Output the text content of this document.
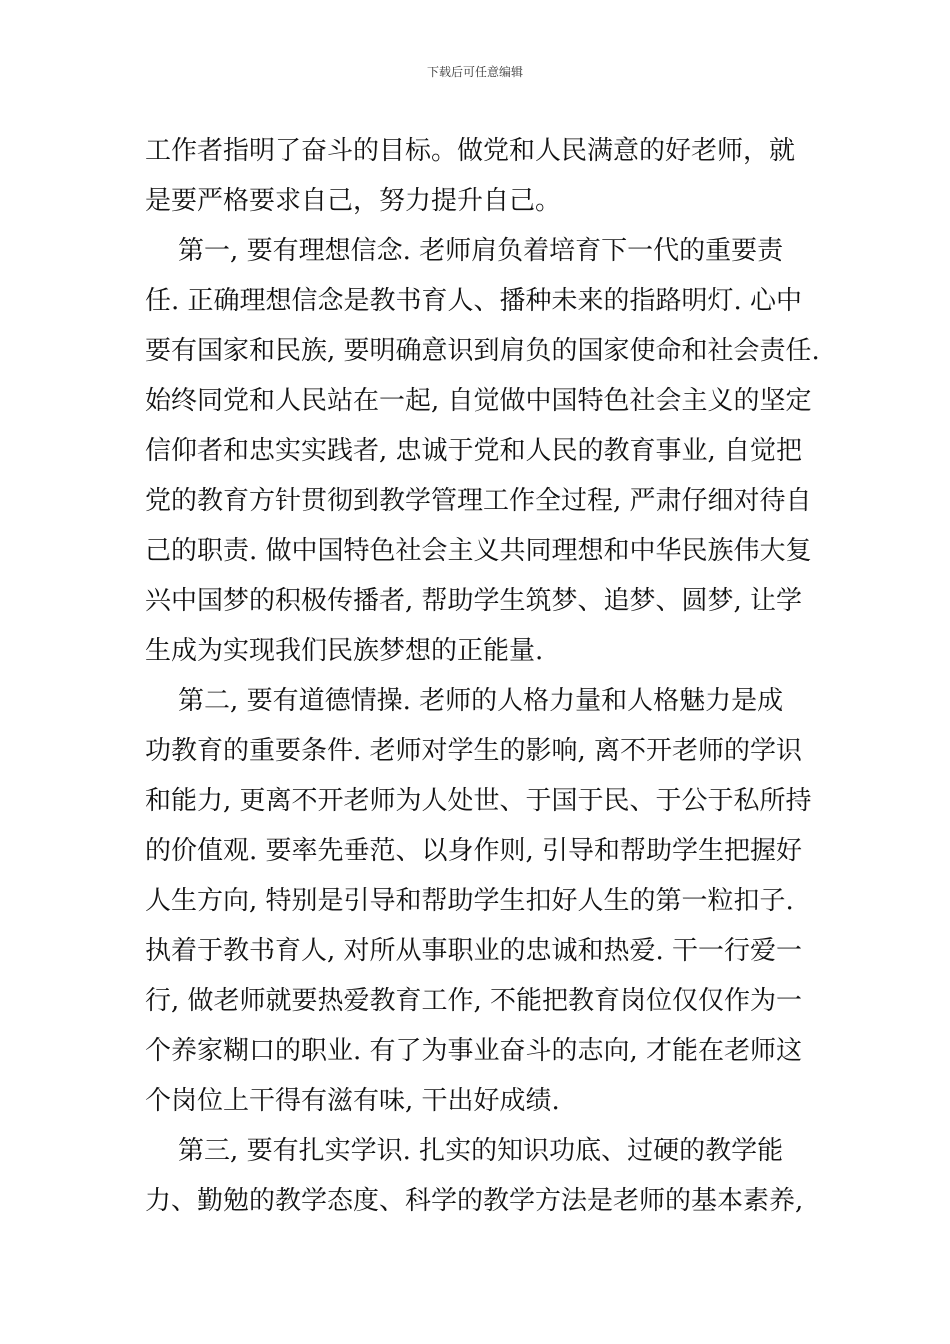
下载后可任意编辑
工作者指明了奋斗的目标。做党和人民满意的好老师，就
是要严格要求自己，努力提升自己。
第一, 要有理想信念. 老师肩负着培育下一代的重要责
任. 正确理想信念是教书育人、播种未来的指路明灯. 心中
要有国家和民族, 要明确意识到肩负的国家使命和社会责任.
始终同党和人民站在一起, 自觉做中国特色社会主义的坚定
信仰者和忠实实践者, 忠诚于党和人民的教育事业, 自觉把
党的教育方针贯彻到教学管理工作全过程, 严肃仔细对待自
己的职责. 做中国特色社会主义共同理想和中华民族伟大复
兴中国梦的积极传播者, 帮助学生筑梦、追梦、圆梦, 让学
生成为实现我们民族梦想的正能量.
第二, 要有道德情操. 老师的人格力量和人格魅力是成
功教育的重要条件. 老师对学生的影响, 离不开老师的学识
和能力, 更离不开老师为人处世、于国于民、于公于私所持
的价值观. 要率先垂范、以身作则, 引导和帮助学生把握好
人生方向, 特别是引导和帮助学生扣好人生的第一粒扣子.
执着于教书育人, 对所从事职业的忠诚和热爱. 干一行爱一
行, 做老师就要热爱教育工作, 不能把教育岗位仅仅作为一
个养家糊口的职业. 有了为事业奋斗的志向, 才能在老师这
个岗位上干得有滋有味, 干出好成绩.
第三, 要有扎实学识. 扎实的知识功底、过硬的教学能
力、勤勉的教学态度、科学的教学方法是老师的基本素养,
